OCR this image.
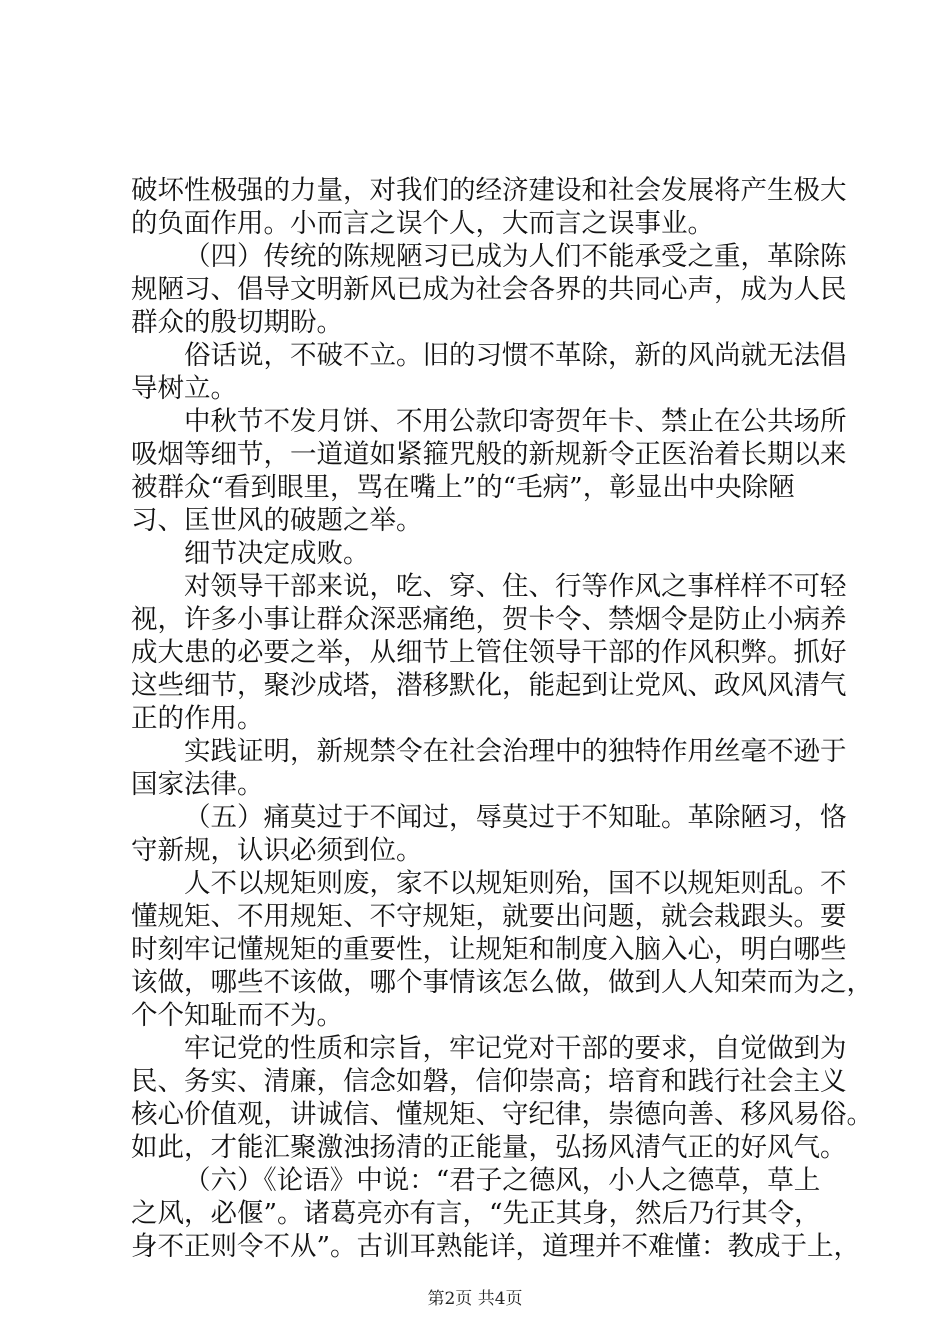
破坏性极强的力量，对我们的经济建设和社会发展将产生极大
的负面作用。小而言之误个人，大而言之误事业。
（四）传统的陈规陋习已成为人们不能承受之重，革除陈
规陋习、倡导文明新风已成为社会各界的共同心声，成为人民
群众的殷切期盼。
俗话说，不破不立。旧的习惯不革除，新的风尚就无法倡
导树立。
中秋节不发月饼、不用公款印寄贺年卡、禁止在公共场所
吸烟等细节，一道道如紧箍咒般的新规新令正医治着长期以来
被群众“看到眼里，骂在嘴上”的“毛病”，彰显出中央除陋
习、匡世风的破题之举。
细节决定成败。
对领导干部来说，吃、穿、住、行等作风之事样样不可轻
视，许多小事让群众深恶痛绝，贺卡令、禁烟令是防止小病养
成大患的必要之举，从细节上管住领导干部的作风积弊。抓好
这些细节，聚沙成塔，潜移默化，能起到让党风、政风风清气
正的作用。
实践证明，新规禁令在社会治理中的独特作用丝毫不逊于
国家法律。
（五）痛莫过于不闻过，辱莫过于不知耻。革除陋习，恪
守新规，认识必须到位。
人不以规矩则废，家不以规矩则殆，国不以规矩则乱。不
懂规矩、不用规矩、不守规矩，就要出问题，就会栽跟头。要
时刻牢记懂规矩的重要性，让规矩和制度入脑入心，明白哪些
该做，哪些不该做，哪个事情该怎么做，做到人人知荣而为之，
个个知耻而不为。
牢记党的性质和宗旨，牢记党对干部的要求，自觉做到为
民、务实、清廉，信念如磐，信仰崇高；培育和践行社会主义
核心价值观，讲诚信、懂规矩、守纪律，崇德向善、移风易俗。
如此，才能汇聚激浊扬清的正能量，弘扬风清气正的好风气。
（六）《论语》中说：“君子之德风，小人之德草，草上
之风，必偃”。诸葛亮亦有言，“先正其身，然后乃行其令，
身不正则令不从”。古训耳熟能详，道理并不难懂：教成于上，
第2页 共4页
